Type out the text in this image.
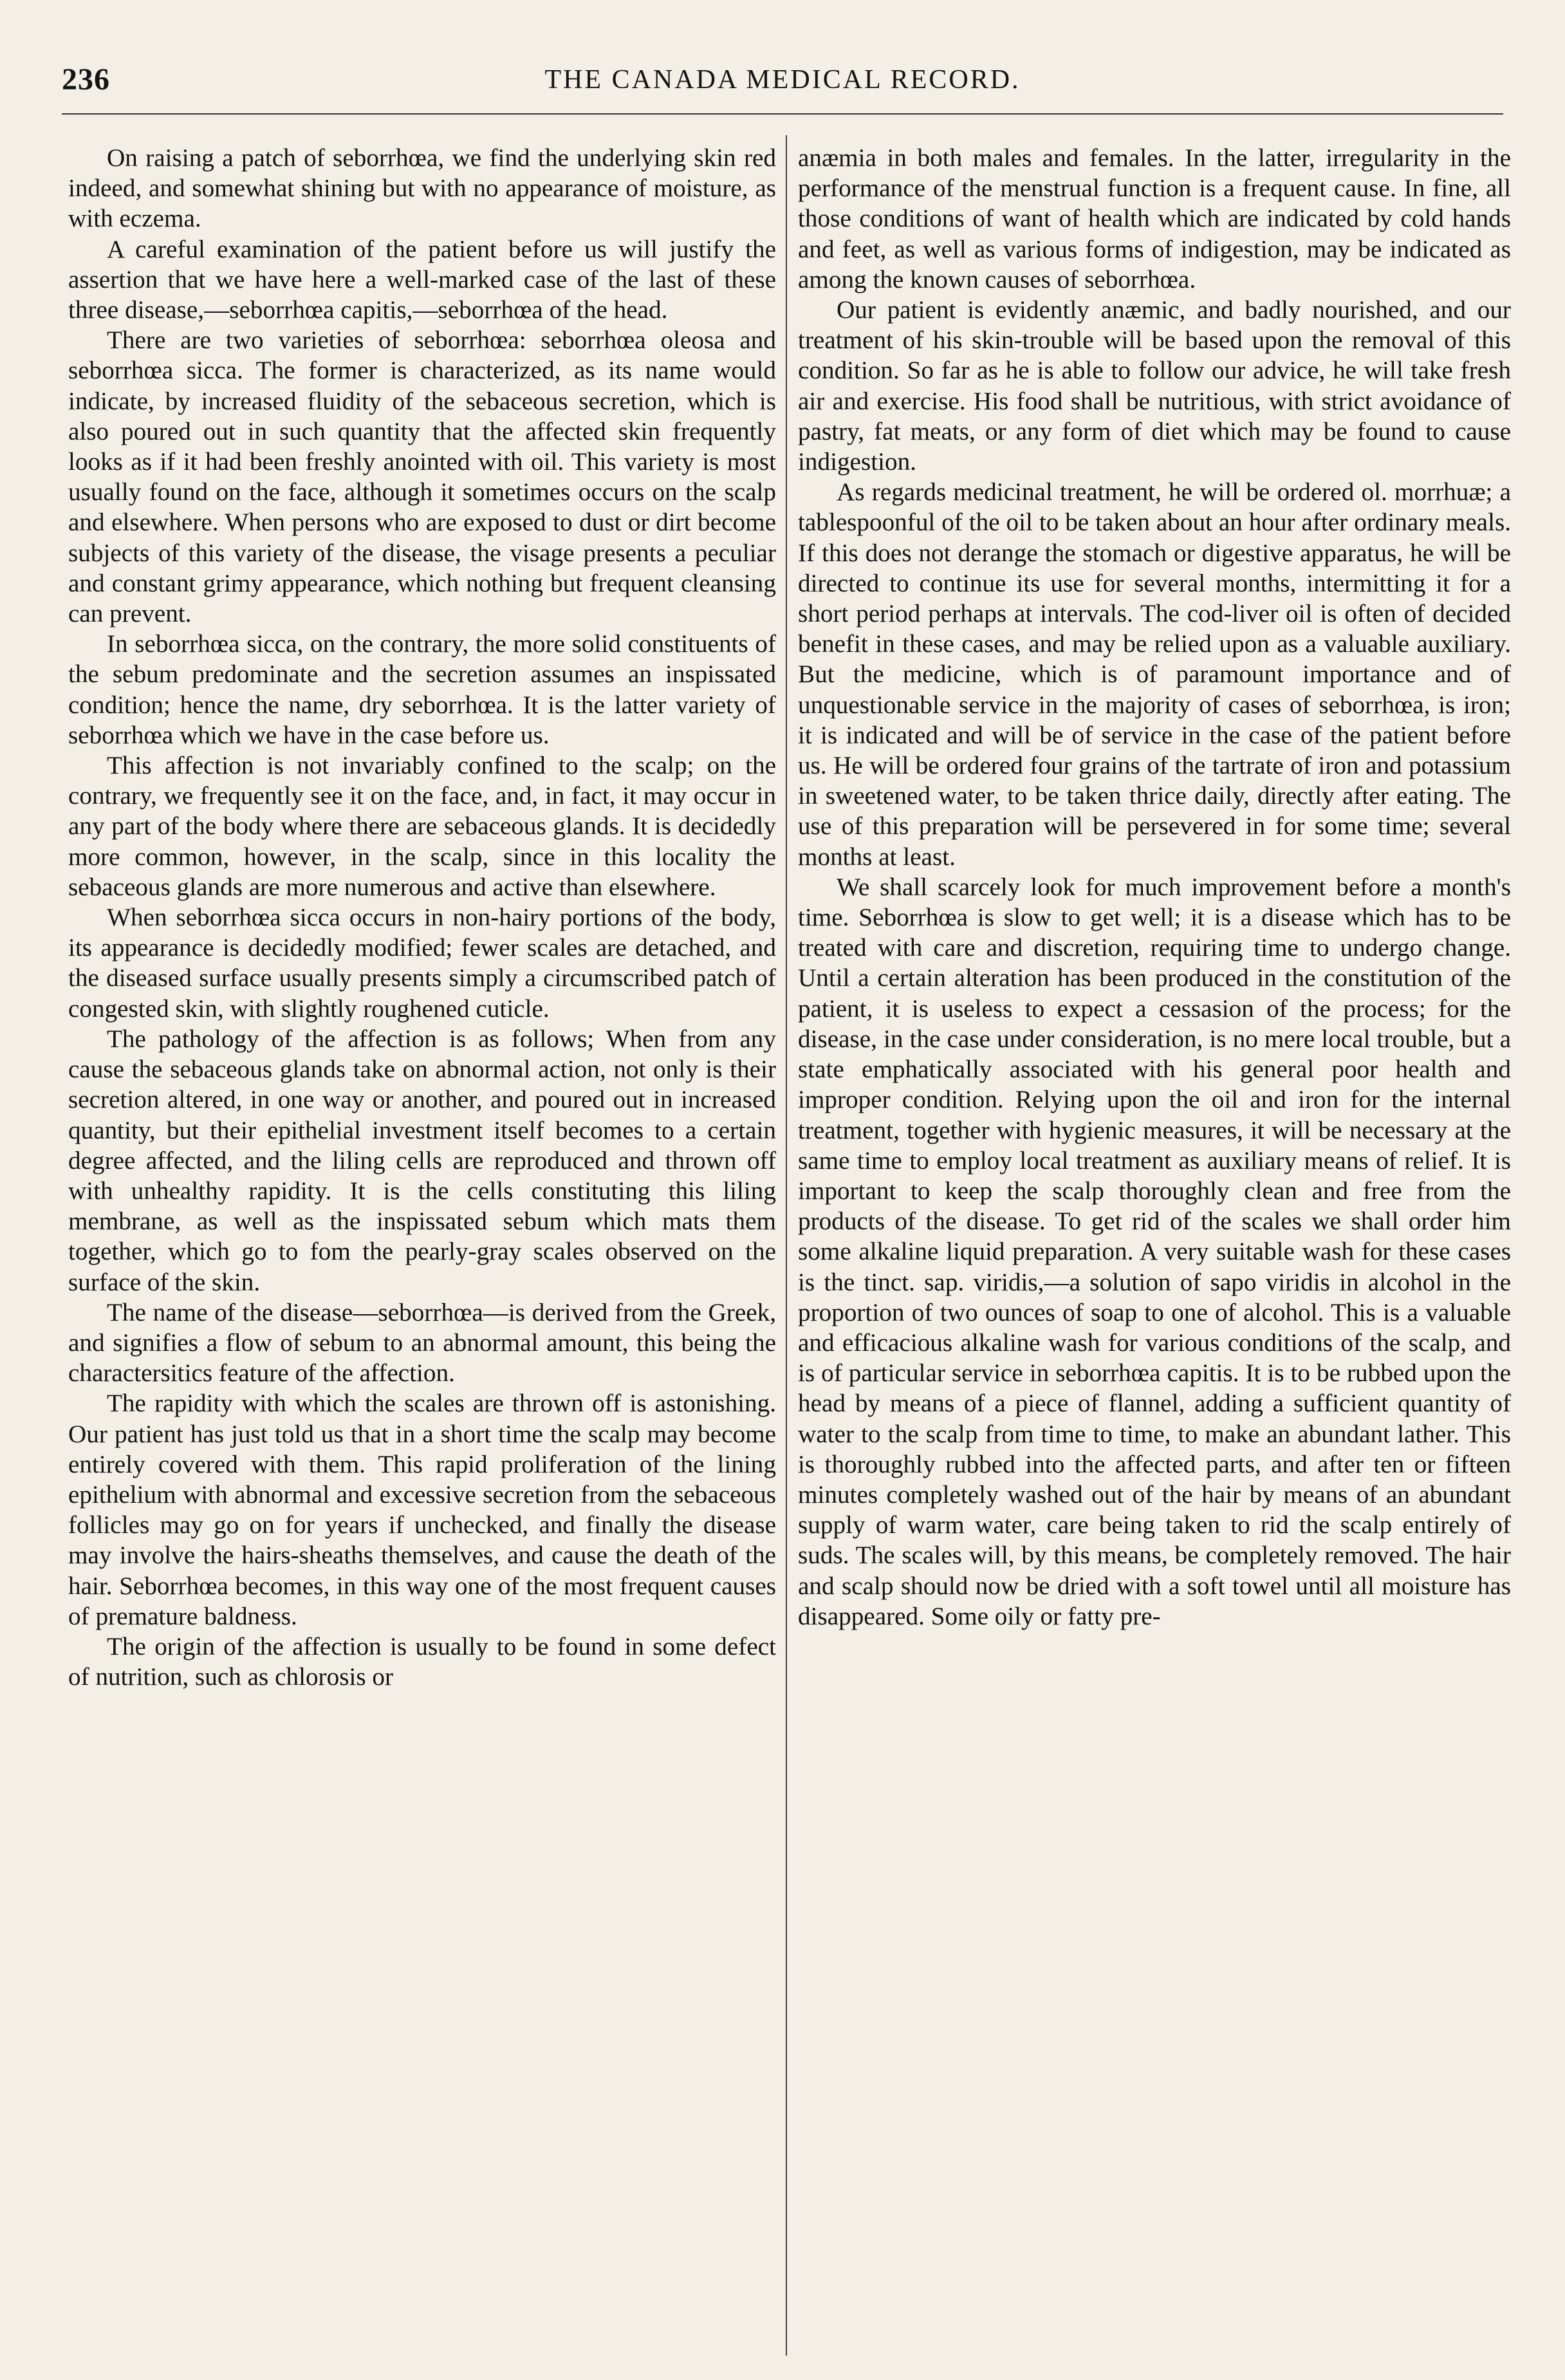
236	THE CANADA MEDICAL RECORD.

On raising a patch of seborrhœa, we find the underlying skin red indeed, and somewhat shining but with no appearance of moisture, as with eczema.

A careful examination of the patient before us will justify the assertion that we have here a well-marked case of the last of these three disease,—seborrhœa capitis,—seborrhœa of the head.

There are two varieties of seborrhœa: seborrhœa oleosa and seborrhœa sicca. The former is characterized, as its name would indicate, by increased fluidity of the sebaceous secretion, which is also poured out in such quantity that the affected skin frequently looks as if it had been freshly anointed with oil. This variety is most usually found on the face, although it sometimes occurs on the scalp and elsewhere. When persons who are exposed to dust or dirt become subjects of this variety of the disease, the visage presents a peculiar and constant grimy appearance, which nothing but frequent cleansing can prevent.

In seborrhœa sicca, on the contrary, the more solid constituents of the sebum predominate and the secretion assumes an inspissated condition; hence the name, dry seborrhœa. It is the latter variety of seborrhœa which we have in the case before us.

This affection is not invariably confined to the scalp; on the contrary, we frequently see it on the face, and, in fact, it may occur in any part of the body where there are sebaceous glands. It is decidedly more common, however, in the scalp, since in this locality the sebaceous glands are more numerous and active than elsewhere.

When seborrhœa sicca occurs in non-hairy portions of the body, its appearance is decidedly modified; fewer scales are detached, and the diseased surface usually presents simply a circumscribed patch of congested skin, with slightly roughened cuticle.

The pathology of the affection is as follows; When from any cause the sebaceous glands take on abnormal action, not only is their secretion altered, in one way or another, and poured out in increased quantity, but their epithelial investment itself becomes to a certain degree affected, and the liling cells are reproduced and thrown off with unhealthy rapidity. It is the cells constituting this liling membrane, as well as the inspissated sebum which mats them together, which go to fom the pearly-gray scales observed on the surface of the skin.

The name of the disease—seborrhœa—is derived from the Greek, and signifies a flow of sebum to an abnormal amount, this being the charactersitics feature of the affection.

The rapidity with which the scales are thrown off is astonishing. Our patient has just told us that in a short time the scalp may become entirely covered with them. This rapid proliferation of the lining epithelium with abnormal and excessive secretion from the sebaceous follicles may go on for years if unchecked, and finally the disease may involve the hairs-sheaths themselves, and cause the death of the hair. Seborrhœa becomes, in this way one of the most frequent causes of premature baldness.

The origin of the affection is usually to be found in some defect of nutrition, such as chlorosis or

anæmia in both males and females. In the latter, irregularity in the performance of the menstrual function is a frequent cause. In fine, all those conditions of want of health which are indicated by cold hands and feet, as well as various forms of indigestion, may be indicated as among the known causes of seborrhœa.

Our patient is evidently anæmic, and badly nourished, and our treatment of his skin-trouble will be based upon the removal of this condition. So far as he is able to follow our advice, he will take fresh air and exercise. His food shall be nutritious, with strict avoidance of pastry, fat meats, or any form of diet which may be found to cause indigestion.

As regards medicinal treatment, he will be ordered ol. morrhuæ; a tablespoonful of the oil to be taken about an hour after ordinary meals. If this does not derange the stomach or digestive apparatus, he will be directed to continue its use for several months, intermitting it for a short period perhaps at intervals. The cod-liver oil is often of decided benefit in these cases, and may be relied upon as a valuable auxiliary. But the medicine, which is of paramount importance and of unquestionable service in the majority of cases of seborrhœa, is iron; it is indicated and will be of service in the case of the patient before us. He will be ordered four grains of the tartrate of iron and potassium in sweetened water, to be taken thrice daily, directly after eating. The use of this preparation will be persevered in for some time; several months at least.

We shall scarcely look for much improvement before a month's time. Seborrhœa is slow to get well; it is a disease which has to be treated with care and discretion, requiring time to undergo change. Until a certain alteration has been produced in the constitution of the patient, it is useless to expect a cessasion of the process; for the disease, in the case under consideration, is no mere local trouble, but a state emphatically associated with his general poor health and improper condition. Relying upon the oil and iron for the internal treatment, together with hygienic measures, it will be necessary at the same time to employ local treatment as auxiliary means of relief. It is important to keep the scalp thoroughly clean and free from the products of the disease. To get rid of the scales we shall order him some alkaline liquid preparation. A very suitable wash for these cases is the tinct. sap. viridis,—a solution of sapo viridis in alcohol in the proportion of two ounces of soap to one of alcohol. This is a valuable and efficacious alkaline wash for various conditions of the scalp, and is of particular service in seborrhœa capitis. It is to be rubbed upon the head by means of a piece of flannel, adding a sufficient quantity of water to the scalp from time to time, to make an abundant lather. This is thoroughly rubbed into the affected parts, and after ten or fifteen minutes completely washed out of the hair by means of an abundant supply of warm water, care being taken to rid the scalp entirely of suds. The scales will, by this means, be completely removed. The hair and scalp should now be dried with a soft towel until all moisture has disappeared. Some oily or fatty pre-
